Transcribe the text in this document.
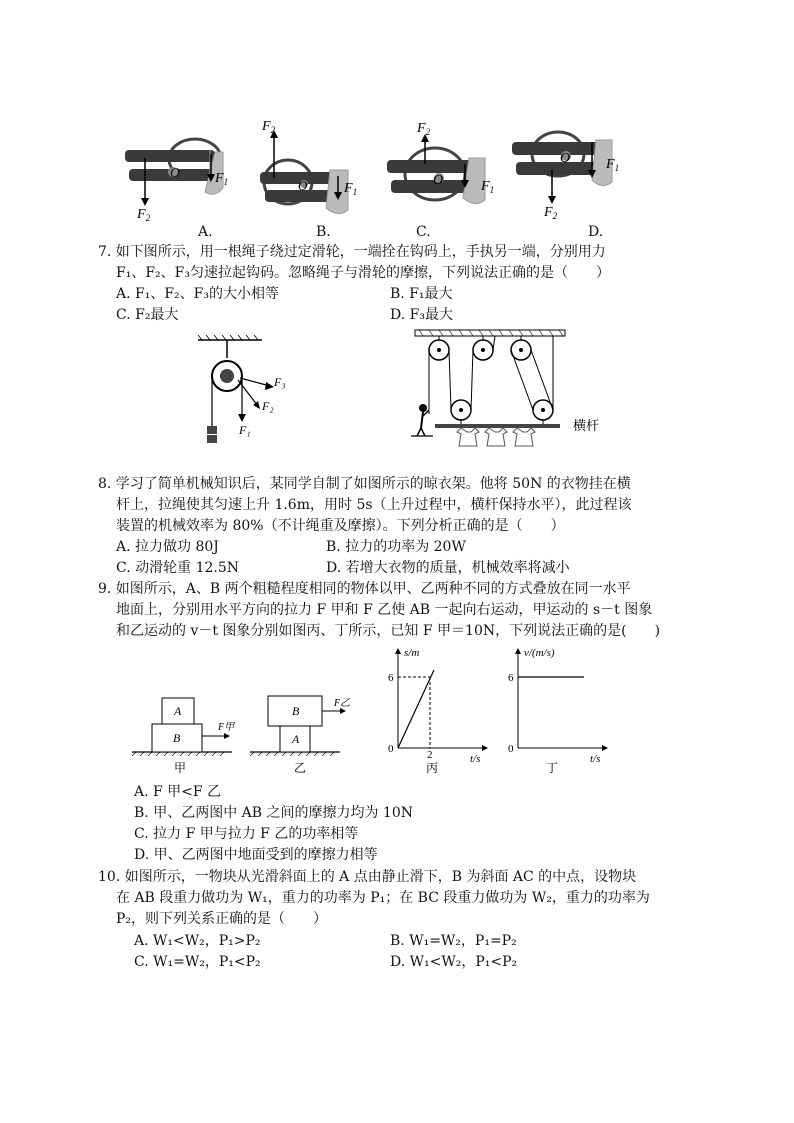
O $F_1$
$F_2$
O
$F_2$
$F_1$
O
$F_2$
$F_1$
O	$F_1$
$F_2$
A.	B.	C.	D.
7. 如下图所示，用一根绳子绕过定滑轮，一端拴在钩码上，手执另一端，分别用力
F₁、F₂、F₃匀速拉起钩码。忽略绳子与滑轮的摩擦，下列说法正确的是（　　）
A. F₁、F₂、F₃的大小相等	B. F₁最大
C. F₂最大	D. F₃最大
F₃
F₂
F₁	横杆
8. 学习了简单机械知识后，某同学自制了如图所示的晾衣架。他将 50N 的衣物挂在横
杆上，拉绳使其匀速上升 1.6m，用时 5s（上升过程中，横杆保持水平），此过程该
装置的机械效率为 80%（不计绳重及摩擦）。下列分析正确的是（　　）
A. 拉力做功 80J	B. 拉力的功率为 20W
C. 动滑轮重 12.5N	D. 若增大衣物的质量，机械效率将减小
9. 如图所示，A、B 两个粗糙程度相同的物体以甲、乙两种不同的方式叠放在同一水平
地面上，分别用水平方向的拉力 F 甲和 F 乙使 AB 一起向右运动，甲运动的 s－t 图象
和乙运动的 v－t 图象分别如图丙、丁所示，已知 F 甲＝10N，下列说法正确的是(　　)
A
B
F甲
甲
A
B
F乙
乙
s/m
6
0	2	t/s
丙
v/(m/s)
6
0
t/s
丁
A. F 甲<F 乙
B. 甲、乙两图中 AB 之间的摩擦力均为 10N
C. 拉力 F 甲与拉力 F 乙的功率相等
D. 甲、乙两图中地面受到的摩擦力相等
10. 如图所示，一物块从光滑斜面上的 A 点由静止滑下，B 为斜面 AC 的中点，设物块
在 AB 段重力做功为 W₁，重力的功率为 P₁；在 BC 段重力做功为 W₂，重力的功率为
P₂，则下列关系正确的是（　　）
A. W₁<W₂，P₁>P₂	B. W₁=W₂，P₁=P₂
C. W₁=W₂，P₁<P₂	D. W₁<W₂，P₁<P₂
